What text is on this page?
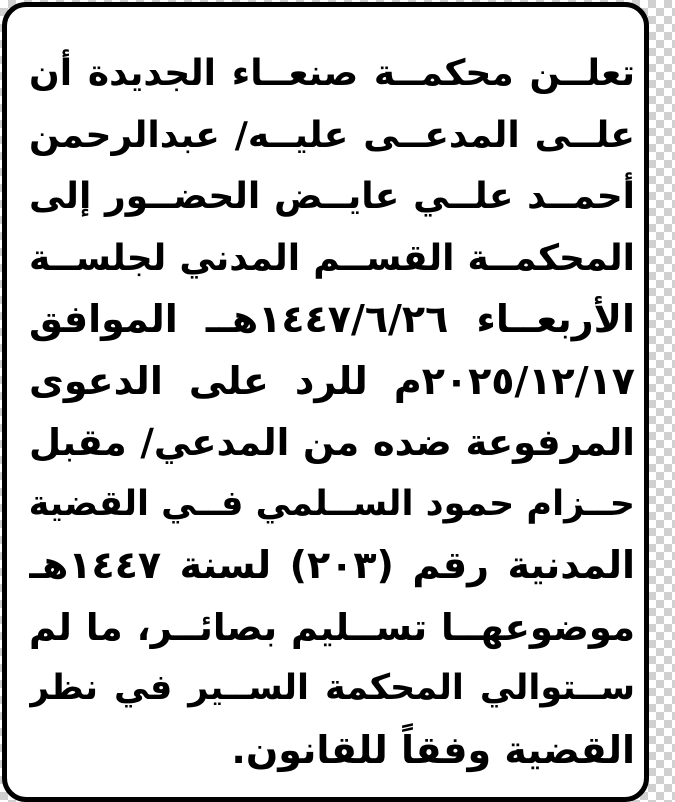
تعلــن محكمــة صنعــاء الجديدة أن
علــى المدعــى عليــه/ عبدالرحمن
أحمــد علــي عايــض الحضــور إلى
المحكمــة القســم المدني لجلســة
الأربعــاء ١٤٤٧/٦/٢٦هــ الموافق
٢٠٢٥/١٢/١٧م للرد على الدعوى
المرفوعة ضده من المدعي/ مقبل
حــزام حمود الســلمي فــي القضية
المدنية رقم (٢٠٣) لسنة ١٤٤٧هـ
موضوعهــا تســليم بصائــر، ما لم
ســتوالي المحكمة الســير في نظر
القضية وفقاً للقانون.
